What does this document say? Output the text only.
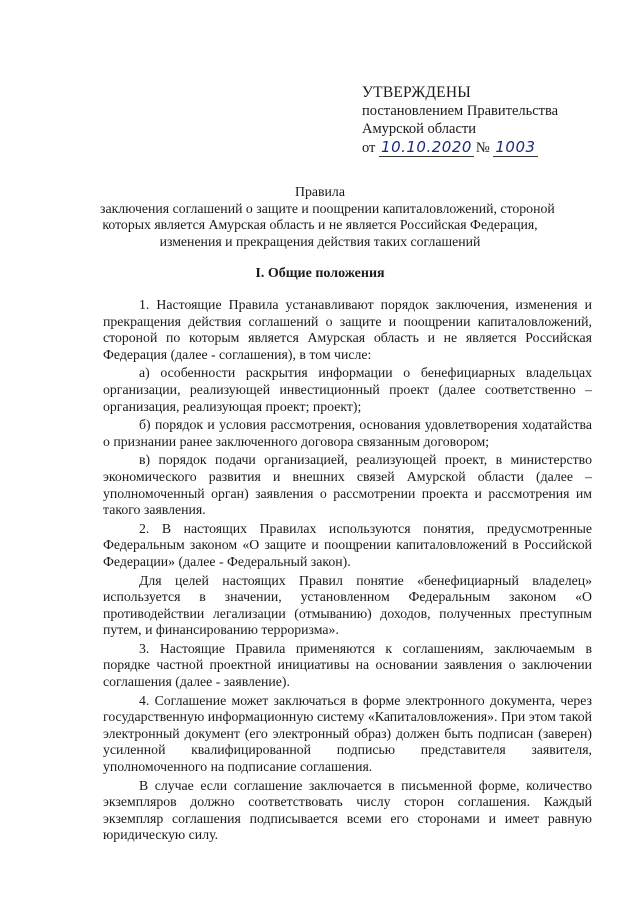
УТВЕРЖДЕНЫ
постановлением Правительства
Амурской области
от 10.10.2020 № 1003
Правила
заключения соглашений о защите и поощрении капиталовложений, стороной
которых является Амурская область и не является Российская Федерация,
изменения и прекращения действия таких соглашений
I. Общие положения

1. Настоящие Правила устанавливают порядок заключения, изменения и прекращения действия соглашений о защите и поощрении капиталовложений, стороной по которым является Амурская область и не является Российская Федерация (далее - соглашения), в том числе:

а) особенности раскрытия информации о бенефициарных владельцах организации, реализующей инвестиционный проект (далее соответственно – организация, реализующая проект; проект);

б) порядок и условия рассмотрения, основания удовлетворения ходатайства о признании ранее заключенного договора связанным договором;

в) порядок подачи организацией, реализующей проект, в министерство экономического развития и внешних связей Амурской области (далее – уполномоченный орган) заявления о рассмотрении проекта и рассмотрения им такого заявления.

2. В настоящих Правилах используются понятия, предусмотренные Федеральным законом «О защите и поощрении капиталовложений в Российской Федерации» (далее - Федеральный закон).

Для целей настоящих Правил понятие «бенефициарный владелец» используется в значении, установленном Федеральным законом «О противодействии легализации (отмыванию) доходов, полученных преступным путем, и финансированию терроризма».

3. Настоящие Правила применяются к соглашениям, заключаемым в порядке частной проектной инициативы на основании заявления о заключении соглашения (далее - заявление).

4. Соглашение может заключаться в форме электронного документа, через государственную информационную систему «Капиталовложения». При этом такой электронный документ (его электронный образ) должен быть подписан (заверен) усиленной квалифицированной подписью представителя заявителя, уполномоченного на подписание соглашения.

В случае если соглашение заключается в письменной форме, количество экземпляров должно соответствовать числу сторон соглашения. Каждый экземпляр соглашения подписывается всеми его сторонами и имеет равную юридическую силу.
